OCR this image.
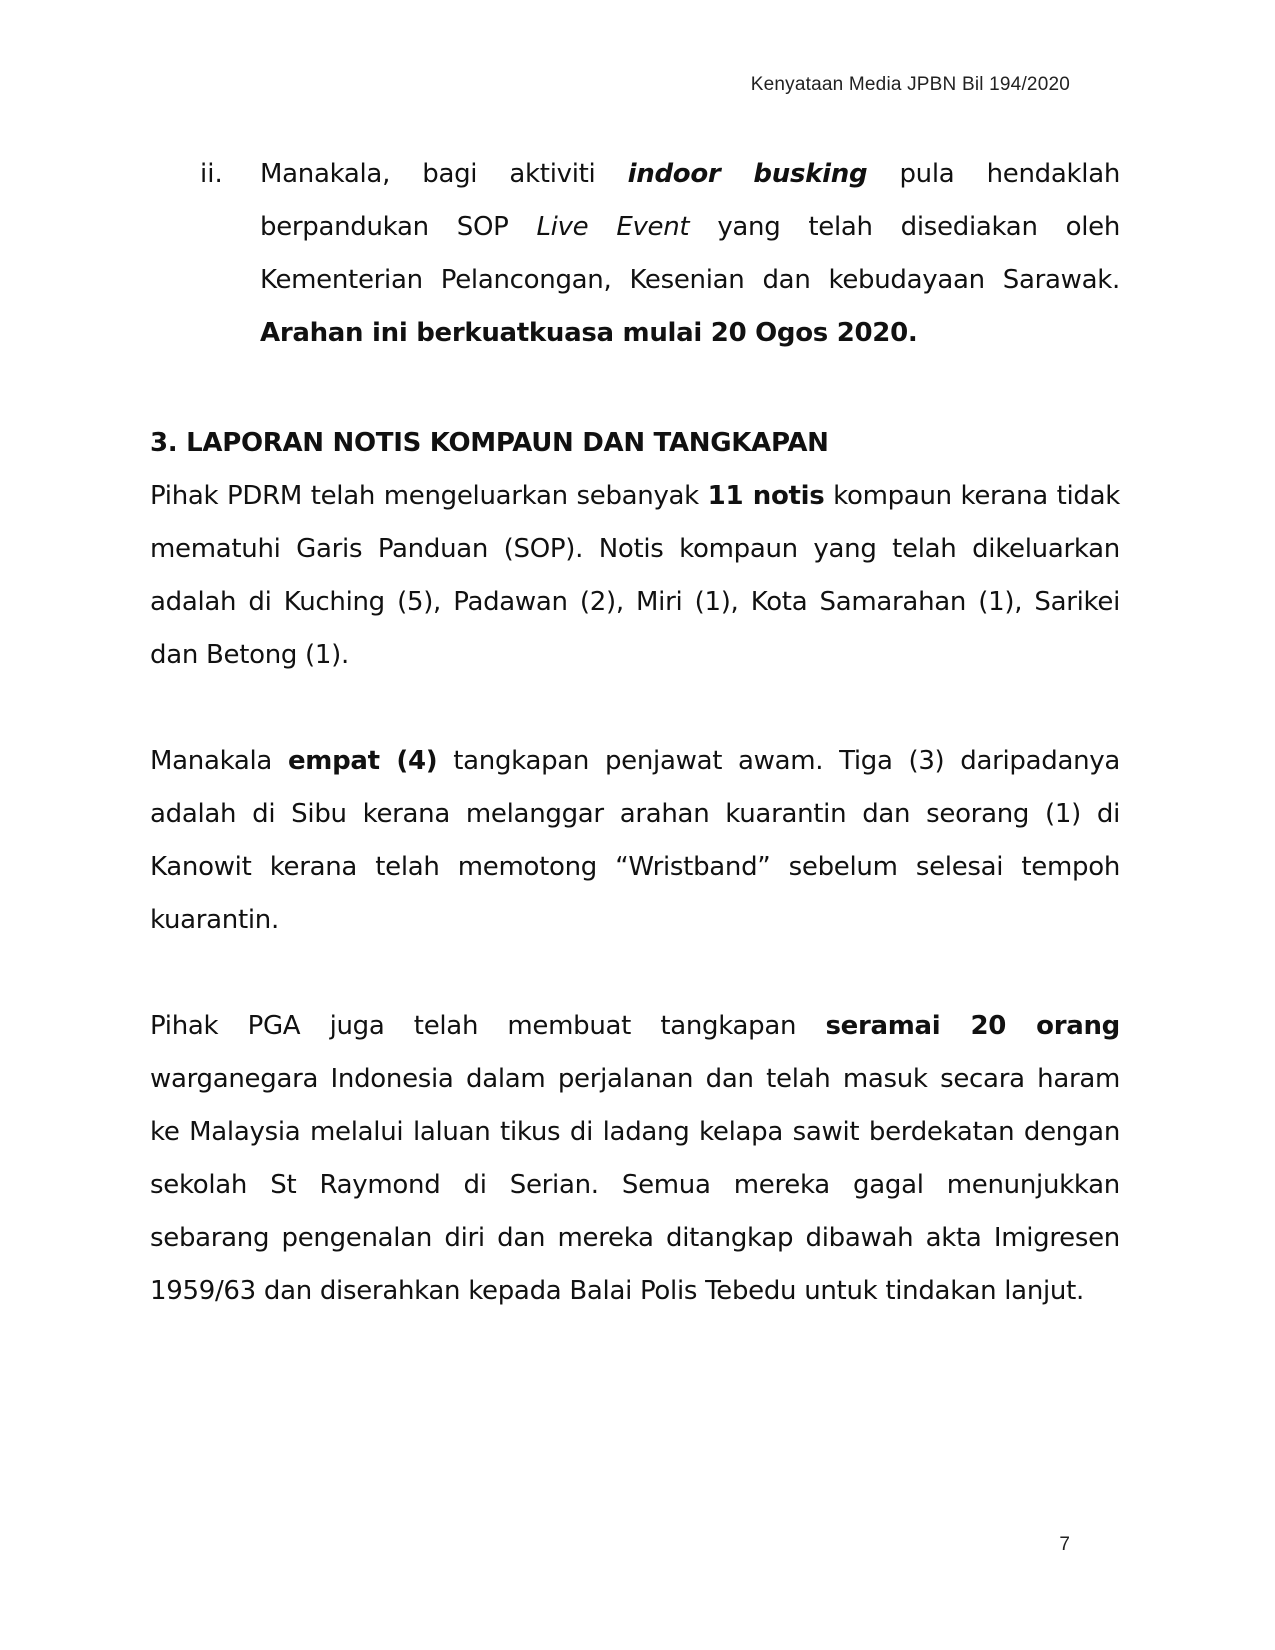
Kenyataan Media JPBN Bil 194/2020
ii.	Manakala, bagi aktiviti indoor busking pula hendaklah berpandukan SOP Live Event yang telah disediakan oleh Kementerian Pelancongan, Kesenian dan kebudayaan Sarawak. Arahan ini berkuatkuasa mulai 20 Ogos 2020.

3. LAPORAN NOTIS KOMPAUN DAN TANGKAPAN

Pihak PDRM telah mengeluarkan sebanyak 11 notis kompaun kerana tidak mematuhi Garis Panduan (SOP). Notis kompaun yang telah dikeluarkan adalah di Kuching (5), Padawan (2), Miri (1), Kota Samarahan (1), Sarikei dan Betong (1).

Manakala empat (4) tangkapan penjawat awam. Tiga (3) daripadanya adalah di Sibu kerana melanggar arahan kuarantin dan seorang (1) di Kanowit kerana telah memotong “Wristband” sebelum selesai tempoh kuarantin.

Pihak PGA juga telah membuat tangkapan seramai 20 orang warganegara Indonesia dalam perjalanan dan telah masuk secara haram ke Malaysia melalui laluan tikus di ladang kelapa sawit berdekatan dengan sekolah St Raymond di Serian. Semua mereka gagal menunjukkan sebarang pengenalan diri dan mereka ditangkap dibawah akta Imigresen 1959/63 dan diserahkan kepada Balai Polis Tebedu untuk tindakan lanjut.

7
